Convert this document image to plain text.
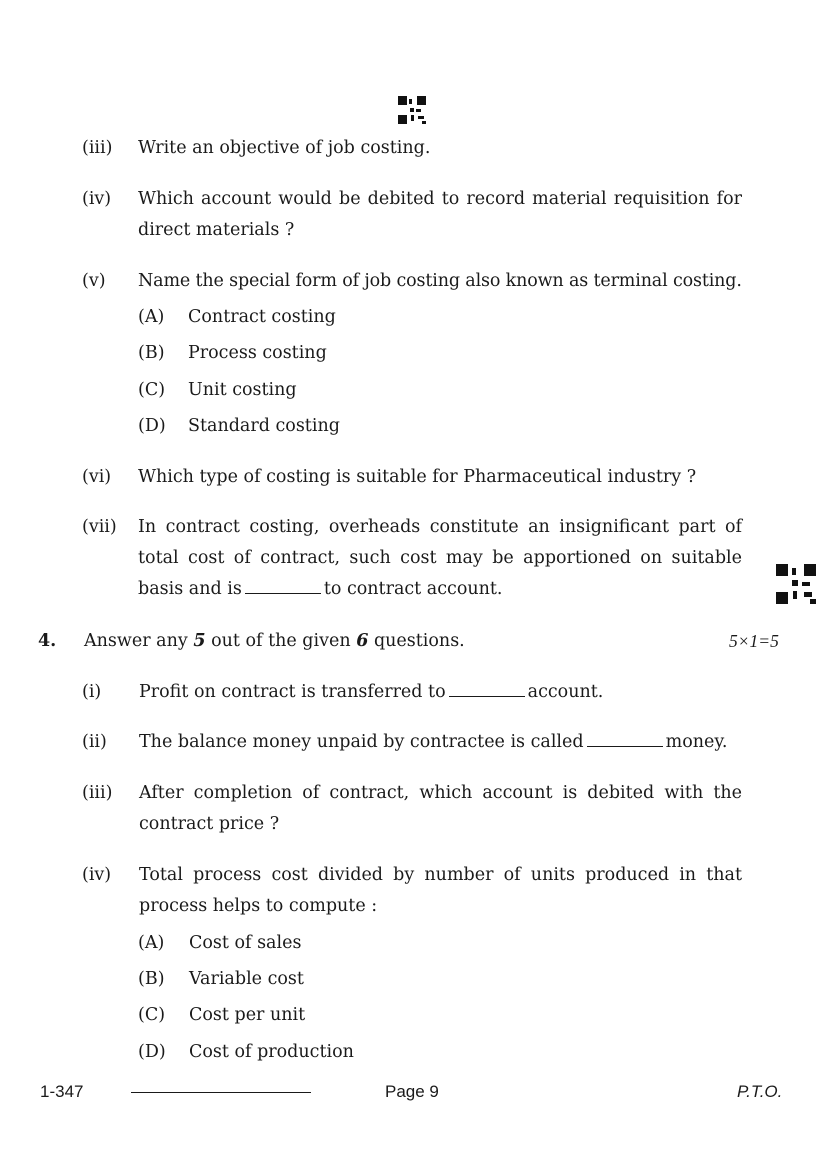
(iii) Write an objective of job costing.
(iv) Which account would be debited to record material requisition for direct materials ?
(v) Name the special form of job costing also known as terminal costing.
(A) Contract costing
(B) Process costing
(C) Unit costing
(D) Standard costing
(vi) Which type of costing is suitable for Pharmaceutical industry ?
(vii) In contract costing, overheads constitute an insignificant part of total cost of contract, such cost may be apportioned on suitable basis and is	to contract account.
4. Answer any 5 out of the given 6 questions.	5×1=5
(i) Profit on contract is transferred to	account.
(ii) The balance money unpaid by contractee is called	money.
(iii) After completion of contract, which account is debited with the contract price ?
(iv) Total process cost divided by number of units produced in that process helps to compute :
(A) Cost of sales
(B) Variable cost
(C) Cost per unit
(D) Cost of production
1-347	Page 9	P.T.O.
